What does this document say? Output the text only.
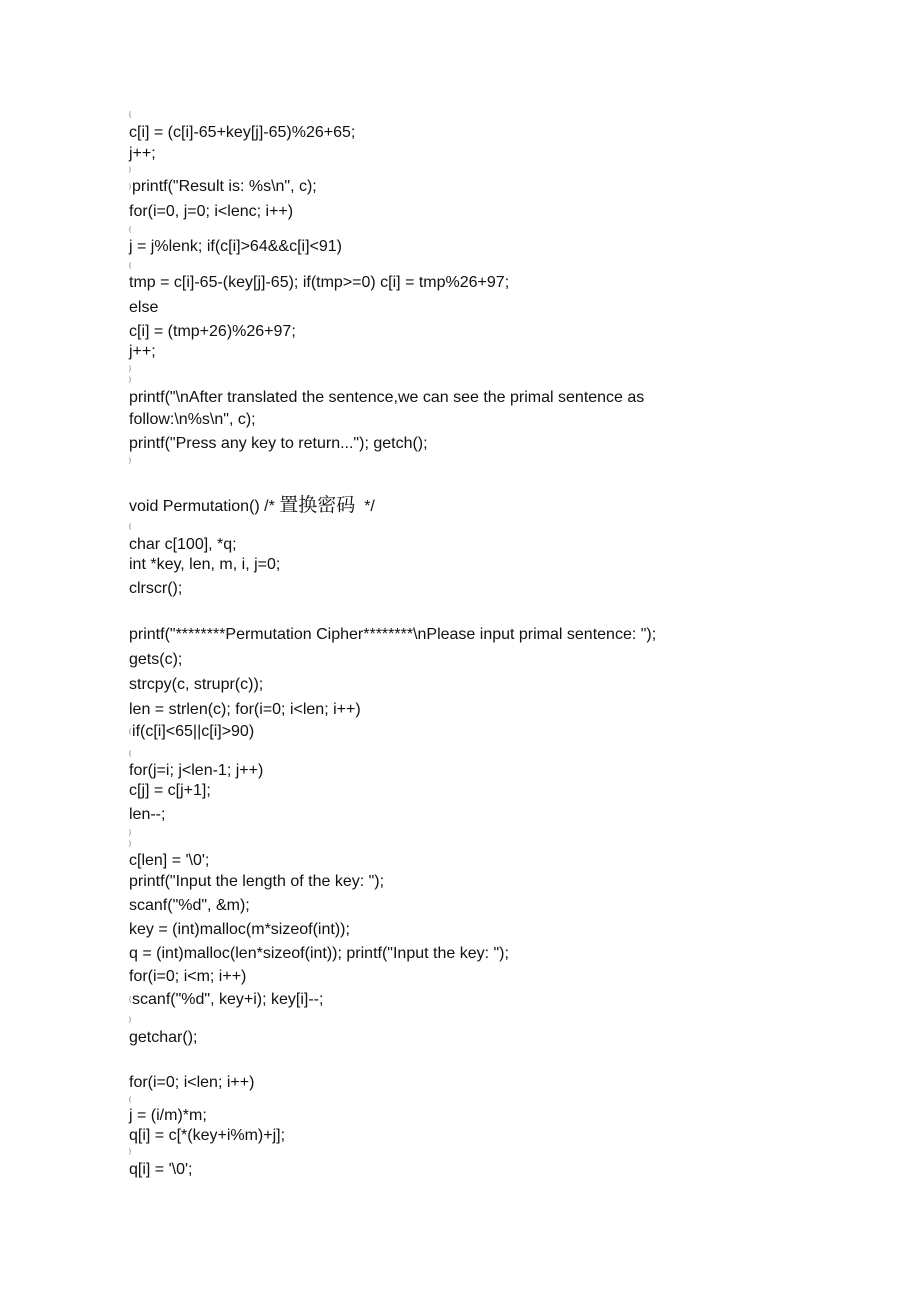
{
c[i] = (c[i]-65+key[j]-65)%26+65;
j++;
}
}printf("Result is: %s\n", c);
for(i=0, j=0; i<lenc; i++)
{
j = j%lenk; if(c[i]>64&&c[i]<91)
{
tmp = c[i]-65-(key[j]-65); if(tmp>=0) c[i] = tmp%26+97;
else
c[i] = (tmp+26)%26+97;
j++;
}
}
printf("\nAfter translated the sentence,we can see the primal sentence as
follow:\n%s\n", c);
printf("Press any key to return..."); getch();
}
void Permutation() /* 置换密码  */
{
char c[100], *q;
int *key, len, m, i, j=0;
clrscr();
printf("********Permutation Cipher********\nPlease input primal sentence: ");
gets(c);
strcpy(c, strupr(c));
len = strlen(c); for(i=0; i<len; i++)
{if(c[i]<65||c[i]>90)
{
for(j=i; j<len-1; j++)
c[j] = c[j+1];
len--;
}
}
c[len] = '\0';
printf("Input the length of the key: ");
scanf("%d", &m);
key = (int)malloc(m*sizeof(int));
q = (int)malloc(len*sizeof(int)); printf("Input the key: ");
for(i=0; i<m; i++)
{scanf("%d", key+i); key[i]--;
}
getchar();
for(i=0; i<len; i++)
{
j = (i/m)*m;
q[i] = c[*(key+i%m)+j];
}
q[i] = '\0';
